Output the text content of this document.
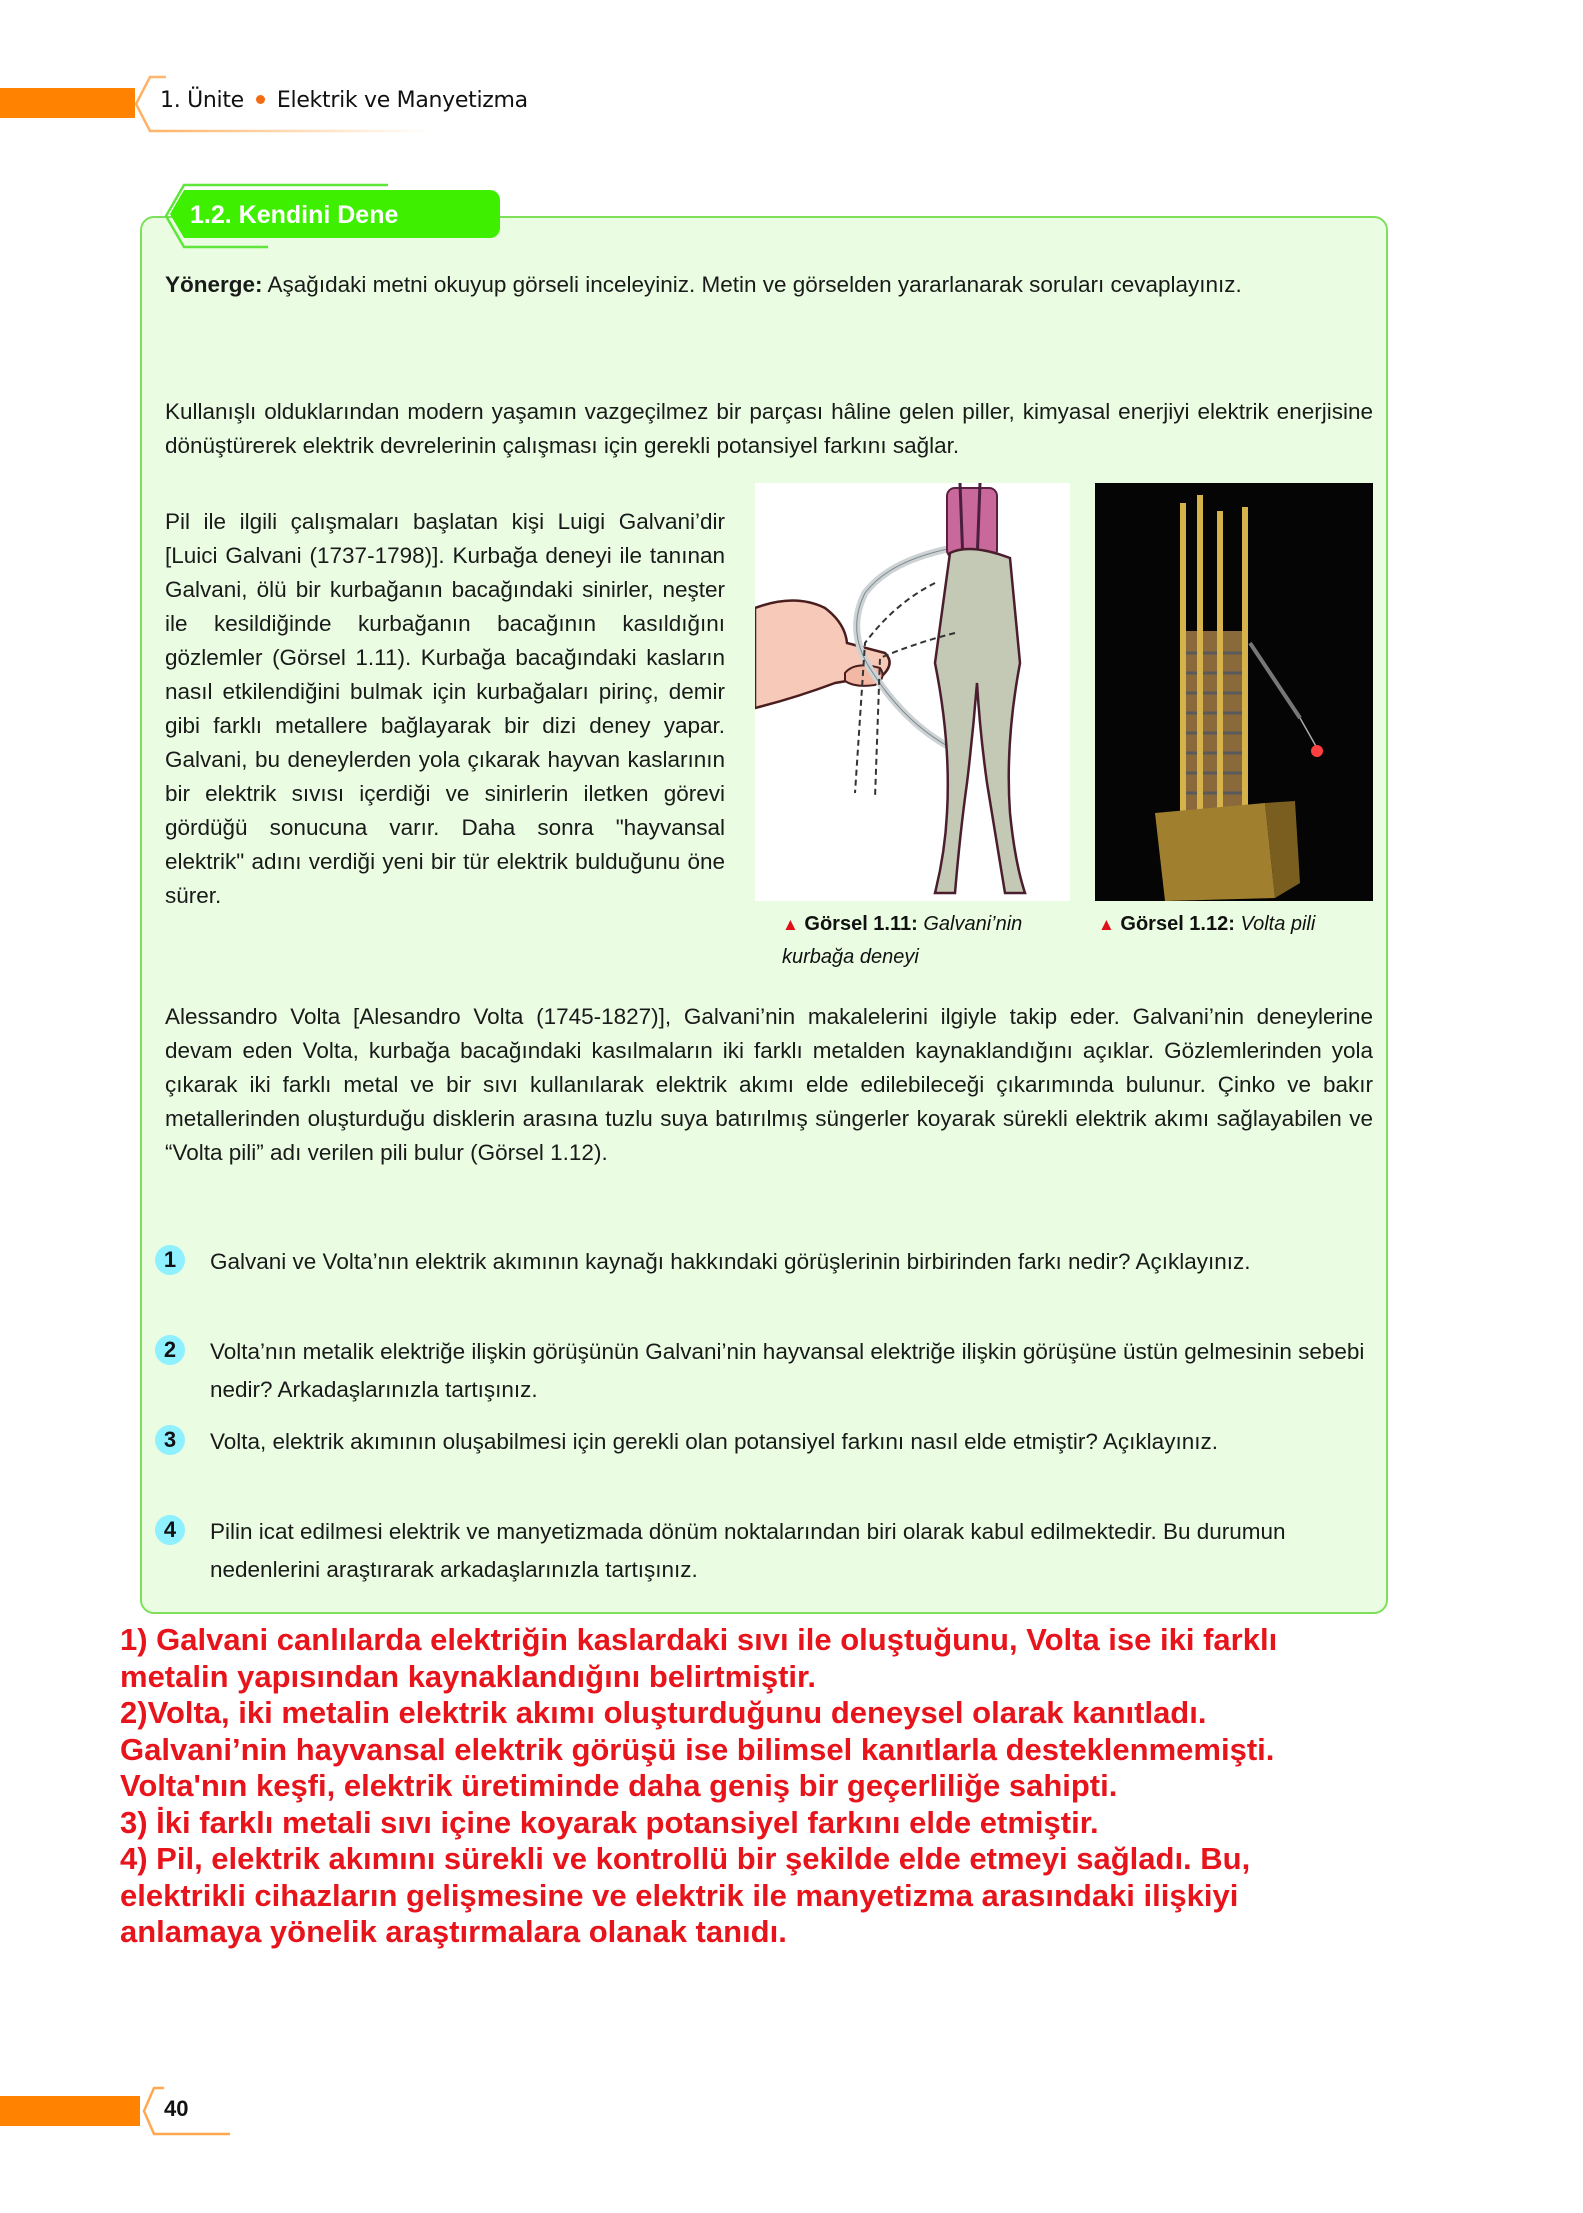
1. Ünite Elektrik ve Manyetizma
1.2. Kendini Dene
Yönerge: Aşağıdaki metni okuyup görseli inceleyiniz. Metin ve görselden yararlanarak soruları cevaplayınız.
Kullanışlı olduklarından modern yaşamın vazgeçilmez bir parçası hâline gelen piller, kimyasal enerjiyi elektrik enerjisine dönüştürerek elektrik devrelerinin çalışması için gerekli potansiyel farkını sağlar.
Pil ile ilgili çalışmaları başlatan kişi Luigi Galvani’dir [Luici Galvani (1737-1798)]. Kurbağa deneyi ile tanınan Galvani, ölü bir kurbağanın bacağındaki sinirler, neşter ile kesildiğinde kurbağanın bacağının kasıldığını gözlemler (Görsel 1.11). Kurbağa bacağındaki kasların nasıl etkilendiğini bulmak için kurbağaları pirinç, demir gibi farklı metallere bağlayarak bir dizi deney yapar. Galvani, bu deneylerden yola çıkarak hayvan kaslarının bir elektrik sıvısı içerdiği ve sinirlerin iletken görevi gördüğü sonucuna varır. Daha sonra "hayvansal elektrik" adını verdiği yeni bir tür elektrik bulduğunu öne sürer.
▲ Görsel 1.11: Galvani’nin kurbağa deneyi
▲ Görsel 1.12: Volta pili
Alessandro Volta [Alesandro Volta (1745-1827)], Galvani’nin makalelerini ilgiyle takip eder. Galvani’nin deneylerine devam eden Volta, kurbağa bacağındaki kasılmaların iki farklı metalden kaynaklandığını açıklar. Gözlemlerinden yola çıkarak iki farklı metal ve bir sıvı kullanılarak elektrik akımı elde edilebileceği çıkarımında bulunur. Çinko ve bakır metallerinden oluşturduğu disklerin arasına tuzlu suya batırılmış süngerler koyarak sürekli elektrik akımı sağlayabilen ve “Volta pili” adı verilen pili bulur (Görsel 1.12).
1	Galvani ve Volta’nın elektrik akımının kaynağı hakkındaki görüşlerinin birbirinden farkı nedir? Açıklayınız.
2	Volta’nın metalik elektriğe ilişkin görüşünün Galvani’nin hayvansal elektriğe ilişkin görüşüne üstün gelmesinin sebebi nedir? Arkadaşlarınızla tartışınız.
3	Volta, elektrik akımının oluşabilmesi için gerekli olan potansiyel farkını nasıl elde etmiştir? Açıklayınız.
4	Pilin icat edilmesi elektrik ve manyetizmada dönüm noktalarından biri olarak kabul edilmektedir. Bu durumun nedenlerini araştırarak arkadaşlarınızla tartışınız.
1) Galvani canlılarda elektriğin kaslardaki sıvı ile oluştuğunu, Volta ise iki farklı
metalin yapısından kaynaklandığını belirtmiştir.
2)Volta, iki metalin elektrik akımı oluşturduğunu deneysel olarak kanıtladı.
Galvani’nin hayvansal elektrik görüşü ise bilimsel kanıtlarla desteklenmemişti.
Volta'nın keşfi, elektrik üretiminde daha geniş bir geçerliliğe sahipti.
3) İki farklı metali sıvı içine koyarak potansiyel farkını elde etmiştir.
4) Pil, elektrik akımını sürekli ve kontrollü bir şekilde elde etmeyi sağladı. Bu,
elektrikli cihazların gelişmesine ve elektrik ile manyetizma arasındaki ilişkiyi
anlamaya yönelik araştırmalara olanak tanıdı.
40
